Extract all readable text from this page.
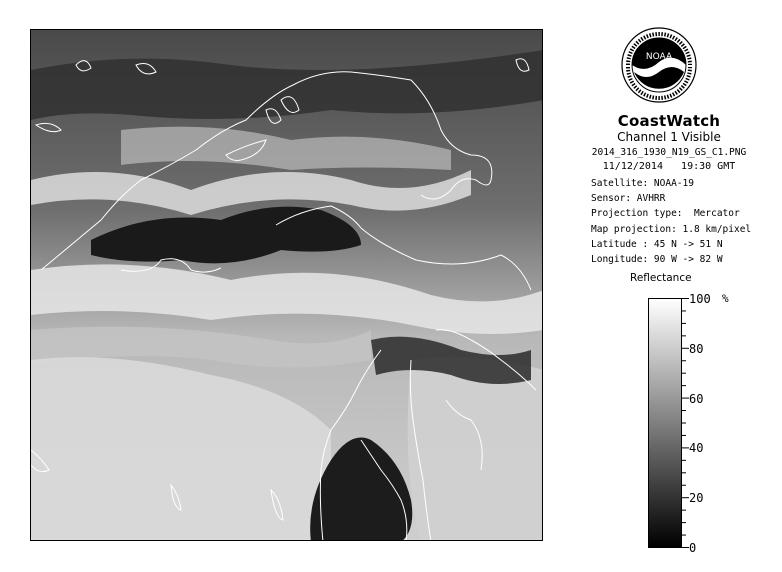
NOAA
CoastWatch
Channel 1 Visible
2014_316_1930_N19_GS_C1.PNG
11/12/2014 19:30 GMT
Satellite: NOAA-19
Sensor: AVHRR
Projection type:  Mercator
Map projection: 1.8 km/pixel
Latitude : 45 N -> 51 N
Longitude: 90 W -> 82 W
Reflectance
0
20
40
60
80
100 %
